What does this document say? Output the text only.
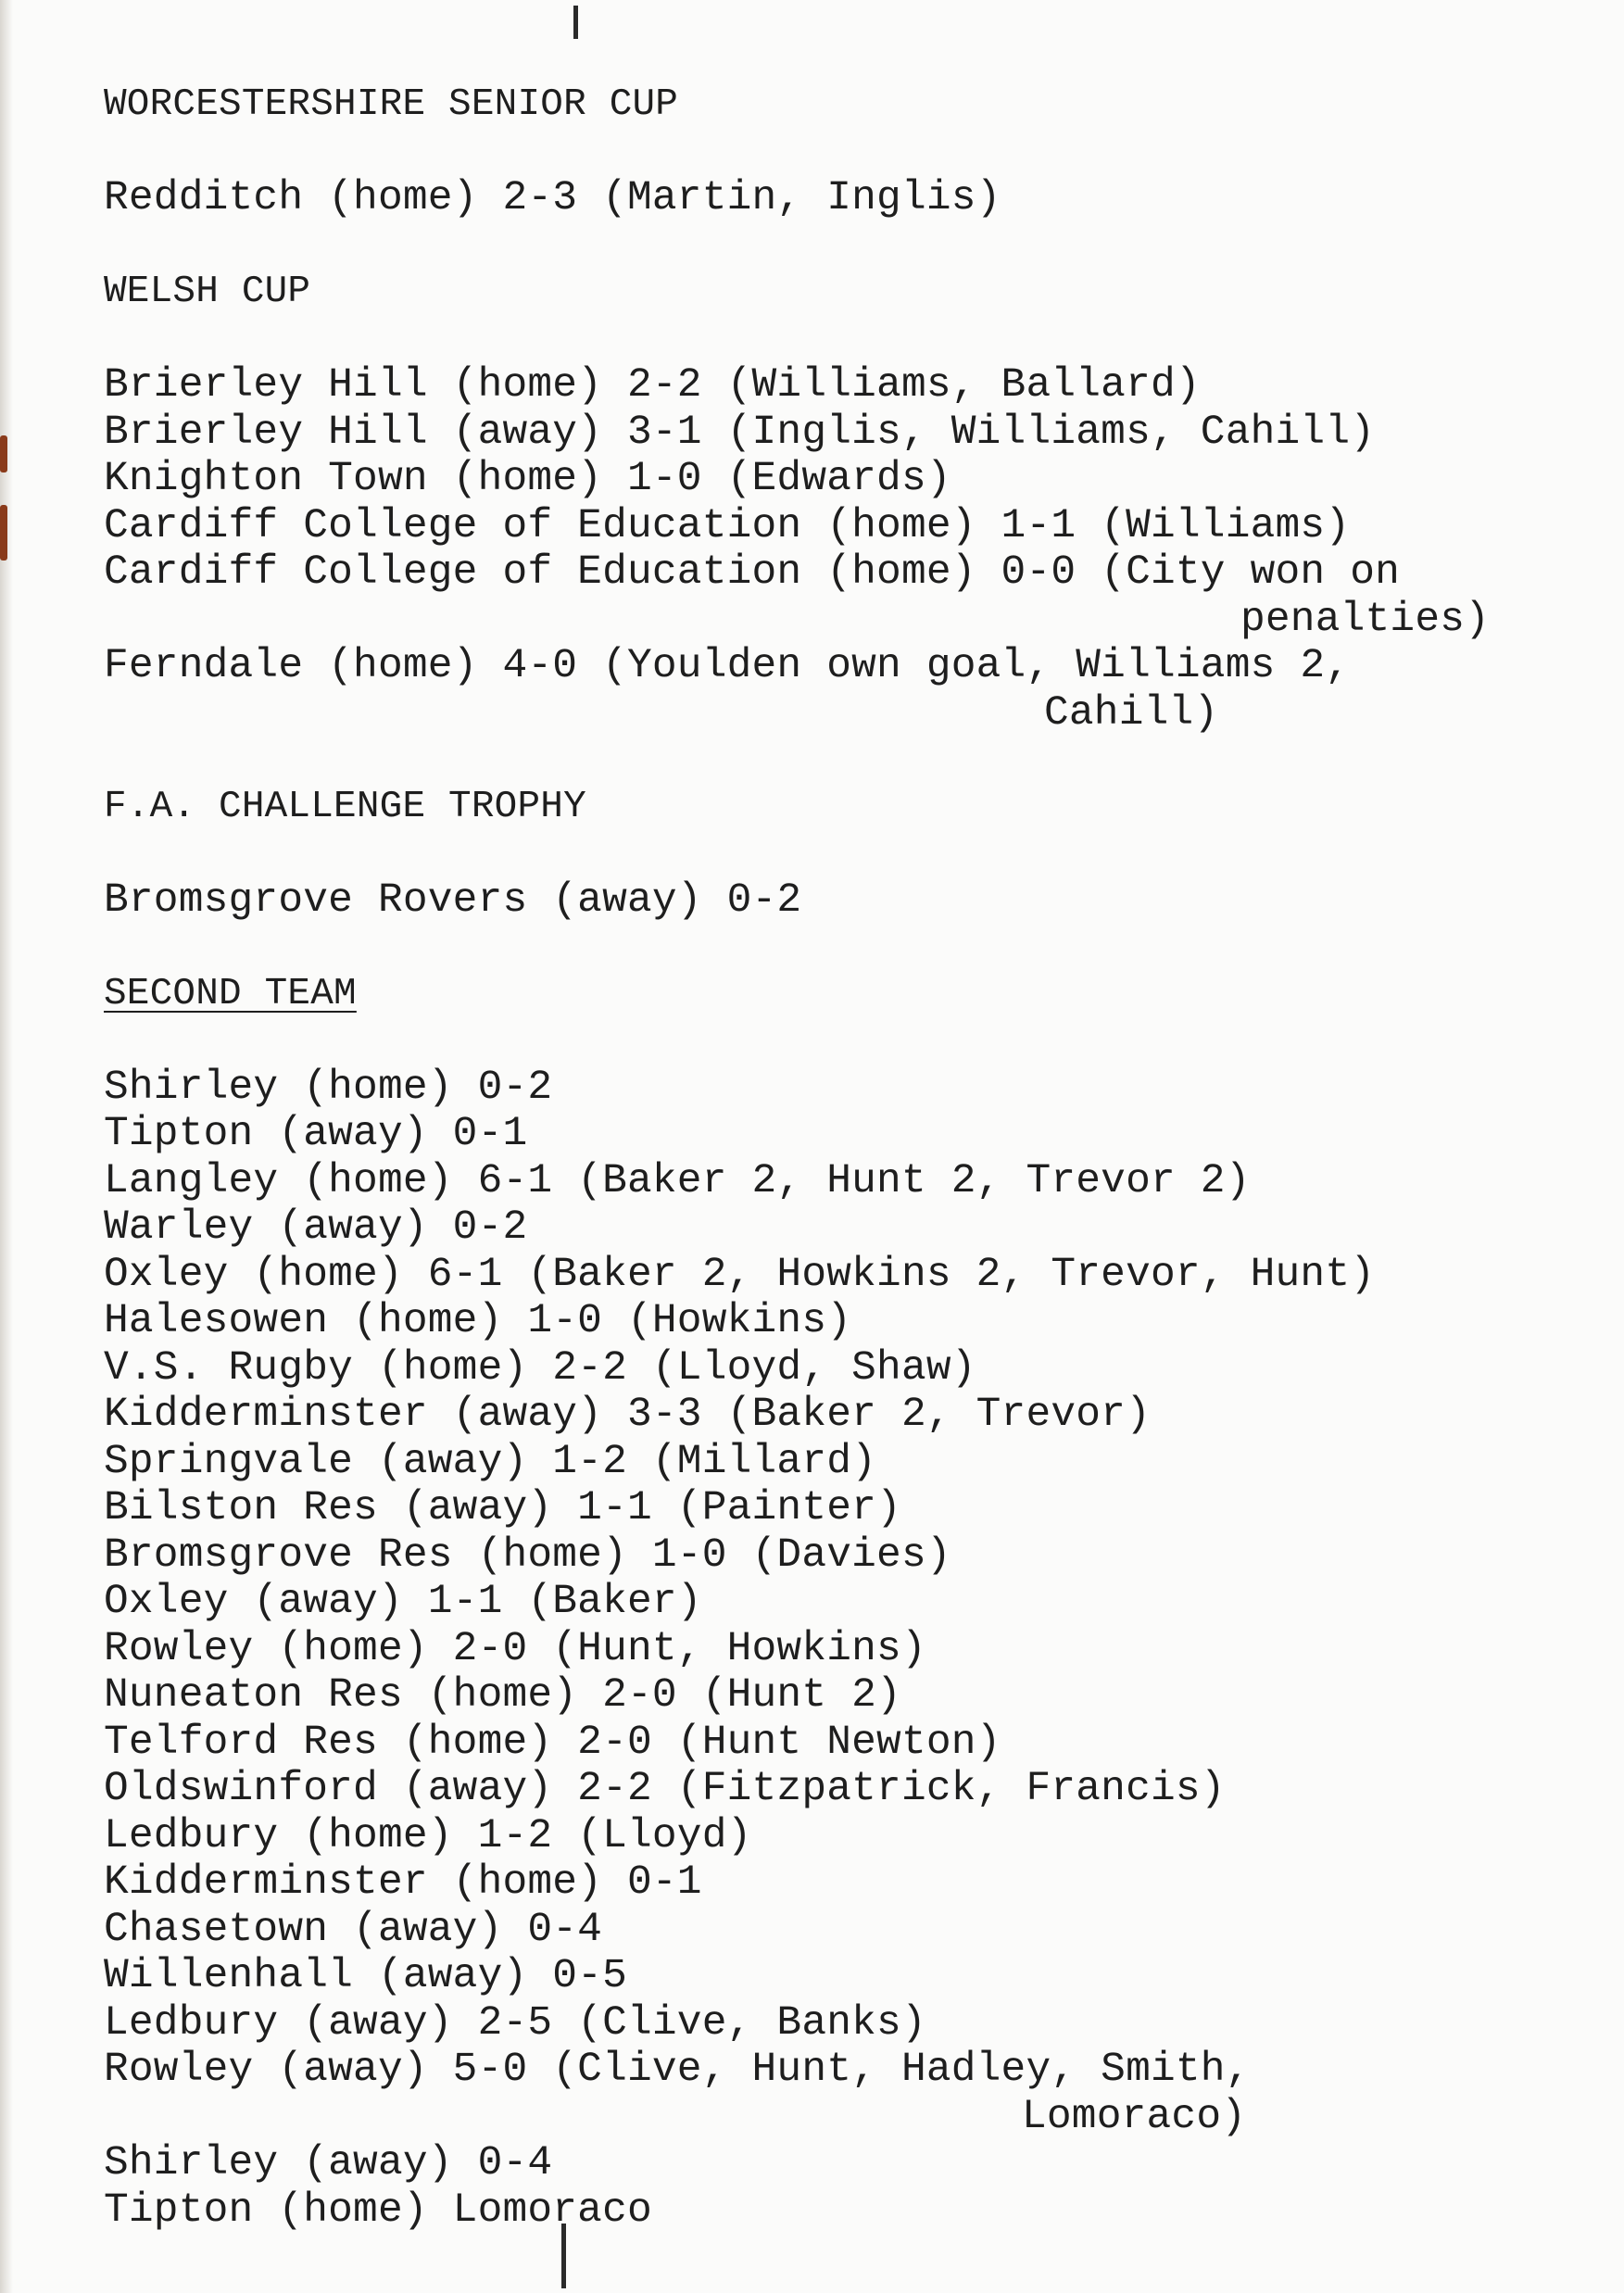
WORCESTERSHIRE SENIOR CUP
Redditch (home) 2-3 (Martin, Inglis)
WELSH CUP
Brierley Hill (home) 2-2 (Williams, Ballard)
Brierley Hill (away) 3-1 (Inglis, Williams, Cahill)
Knighton Town (home) 1-0 (Edwards)
Cardiff College of Education (home) 1-1 (Williams)
Cardiff College of Education (home) 0-0 (City won on
penalties)
Ferndale (home) 4-0 (Youlden own goal, Williams 2,
Cahill)
F.A. CHALLENGE TROPHY
Bromsgrove Rovers (away) 0-2
SECOND TEAM
Shirley (home) 0-2
Tipton (away) 0-1
Langley (home) 6-1 (Baker 2, Hunt 2, Trevor 2)
Warley (away) 0-2
Oxley (home) 6-1 (Baker 2, Howkins 2, Trevor, Hunt)
Halesowen (home) 1-0 (Howkins)
V.S. Rugby (home) 2-2 (Lloyd, Shaw)
Kidderminster (away) 3-3 (Baker 2, Trevor)
Springvale (away) 1-2 (Millard)
Bilston Res (away) 1-1 (Painter)
Bromsgrove Res (home) 1-0 (Davies)
Oxley (away) 1-1 (Baker)
Rowley (home) 2-0 (Hunt, Howkins)
Nuneaton Res (home) 2-0 (Hunt 2)
Telford Res (home) 2-0 (Hunt Newton)
Oldswinford (away) 2-2 (Fitzpatrick, Francis)
Ledbury (home) 1-2 (Lloyd)
Kidderminster (home) 0-1
Chasetown (away) 0-4
Willenhall (away) 0-5
Ledbury (away) 2-5 (Clive, Banks)
Rowley (away) 5-0 (Clive, Hunt, Hadley, Smith,
Lomoraco)
Shirley (away) 0-4
Tipton (home) Lomoraco
